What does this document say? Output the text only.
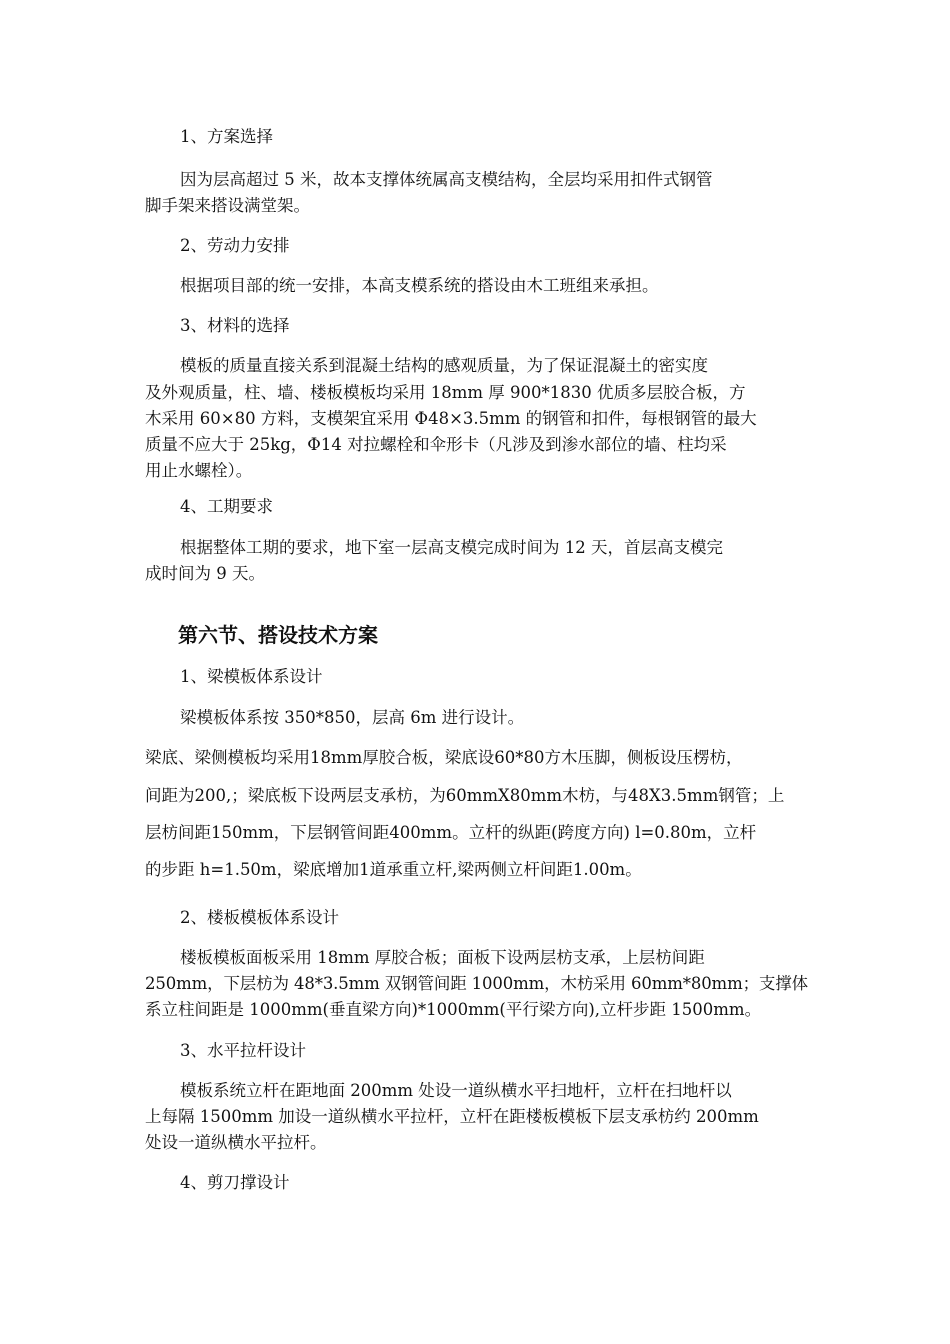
1、方案选择

因为层高超过 5 米，故本支撑体统属高支模结构，全层均采用扣件式钢管

脚手架来搭设满堂架。

2、劳动力安排

根据项目部的统一安排，本高支模系统的搭设由木工班组来承担。

3、材料的选择

模板的质量直接关系到混凝土结构的感观质量，为了保证混凝土的密实度

及外观质量，柱、墙、楼板模板均采用 18mm 厚 900*1830 优质多层胶合板，方

木采用 60×80 方料，支模架宜采用 Φ48×3.5mm 的钢管和扣件，每根钢管的最大

质量不应大于 25kg，Φ14 对拉螺栓和伞形卡（凡涉及到渗水部位的墙、柱均采

用止水螺栓）。

4、工期要求

根据整体工期的要求，地下室一层高支模完成时间为 12 天，首层高支模完

成时间为 9 天。

第六节、搭设技术方案

1、梁模板体系设计

梁模板体系按 350*850，层高 6m 进行设计。

梁底、梁侧模板均采用18mm厚胶合板，梁底设60*80方木压脚，侧板设压楞枋，

间距为200,；梁底板下设两层支承枋，为60mmX80mm木枋，与48X3.5mm钢管；上

层枋间距150mm，下层钢管间距400mm。立杆的纵距(跨度方向) l=0.80m，立杆

的步距 h=1.50m，梁底增加1道承重立杆,梁两侧立杆间距1.00m。

2、楼板模板体系设计

楼板模板面板采用 18mm 厚胶合板；面板下设两层枋支承，上层枋间距

250mm，下层枋为 48*3.5mm 双钢管间距 1000mm，木枋采用 60mm*80mm；支撑体

系立柱间距是 1000mm(垂直梁方向)*1000mm(平行梁方向),立杆步距 1500mm。

3、水平拉杆设计

模板系统立杆在距地面 200mm 处设一道纵横水平扫地杆，立杆在扫地杆以

上每隔 1500mm 加设一道纵横水平拉杆，立杆在距楼板模板下层支承枋约 200mm

处设一道纵横水平拉杆。

4、剪刀撑设计
